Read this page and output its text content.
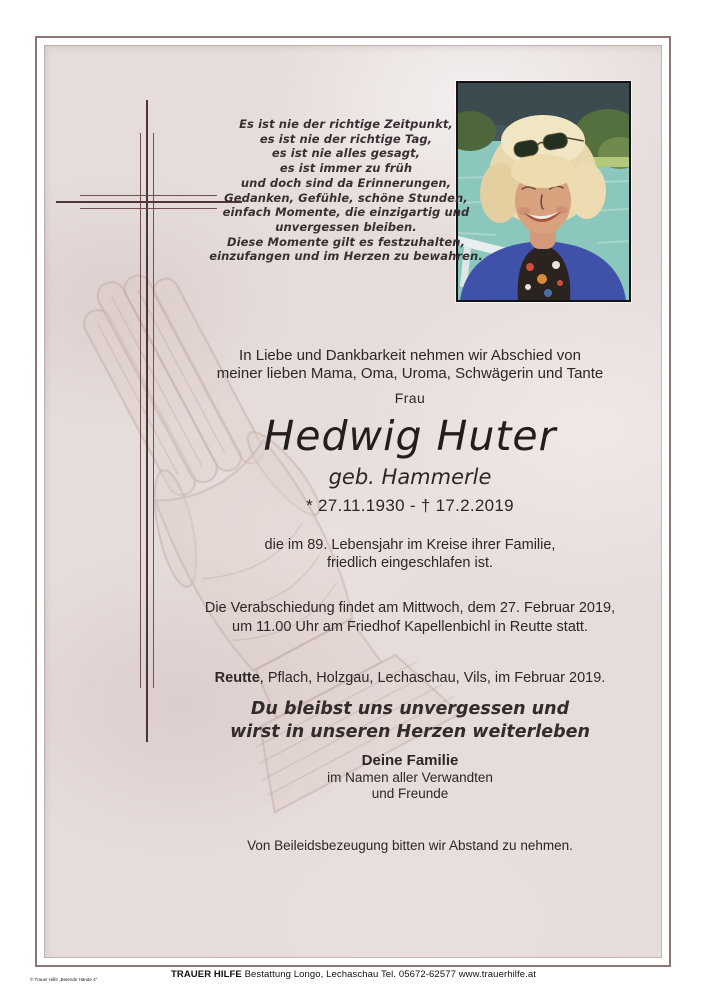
Es ist nie der richtige Zeitpunkt,
es ist nie der richtige Tag,
es ist nie alles gesagt,
es ist immer zu früh
und doch sind da Erinnerungen,
Gedanken, Gefühle, schöne Stunden,
einfach Momente, die einzigartig und
unvergessen bleiben.
Diese Momente gilt es festzuhalten,
einzufangen und im Herzen zu bewahren.
In Liebe und Dankbarkeit nehmen wir Abschied von
meiner lieben Mama, Oma, Uroma, Schwägerin und Tante
Frau
Hedwig Huter
geb. Hammerle
* 27.11.1930 - † 17.2.2019
die im 89. Lebensjahr im Kreise ihrer Familie,
friedlich eingeschlafen ist.
Die Verabschiedung findet am Mittwoch, dem 27. Februar 2019,
um 11.00 Uhr am Friedhof Kapellenbichl in Reutte statt.
Reutte, Pflach, Holzgau, Lechaschau, Vils, im Februar 2019.
Du bleibst uns unvergessen und
wirst in unseren Herzen weiterleben
Deine Familie
im Namen aller Verwandten
und Freunde
Von Beileidsbezeugung bitten wir Abstand zu nehmen.
TRAUER HILFE Bestattung Longo, Lechaschau Tel. 05672-62577 www.trauerhilfe.at
© Trauer Hilfe „Betende Hände 4“
